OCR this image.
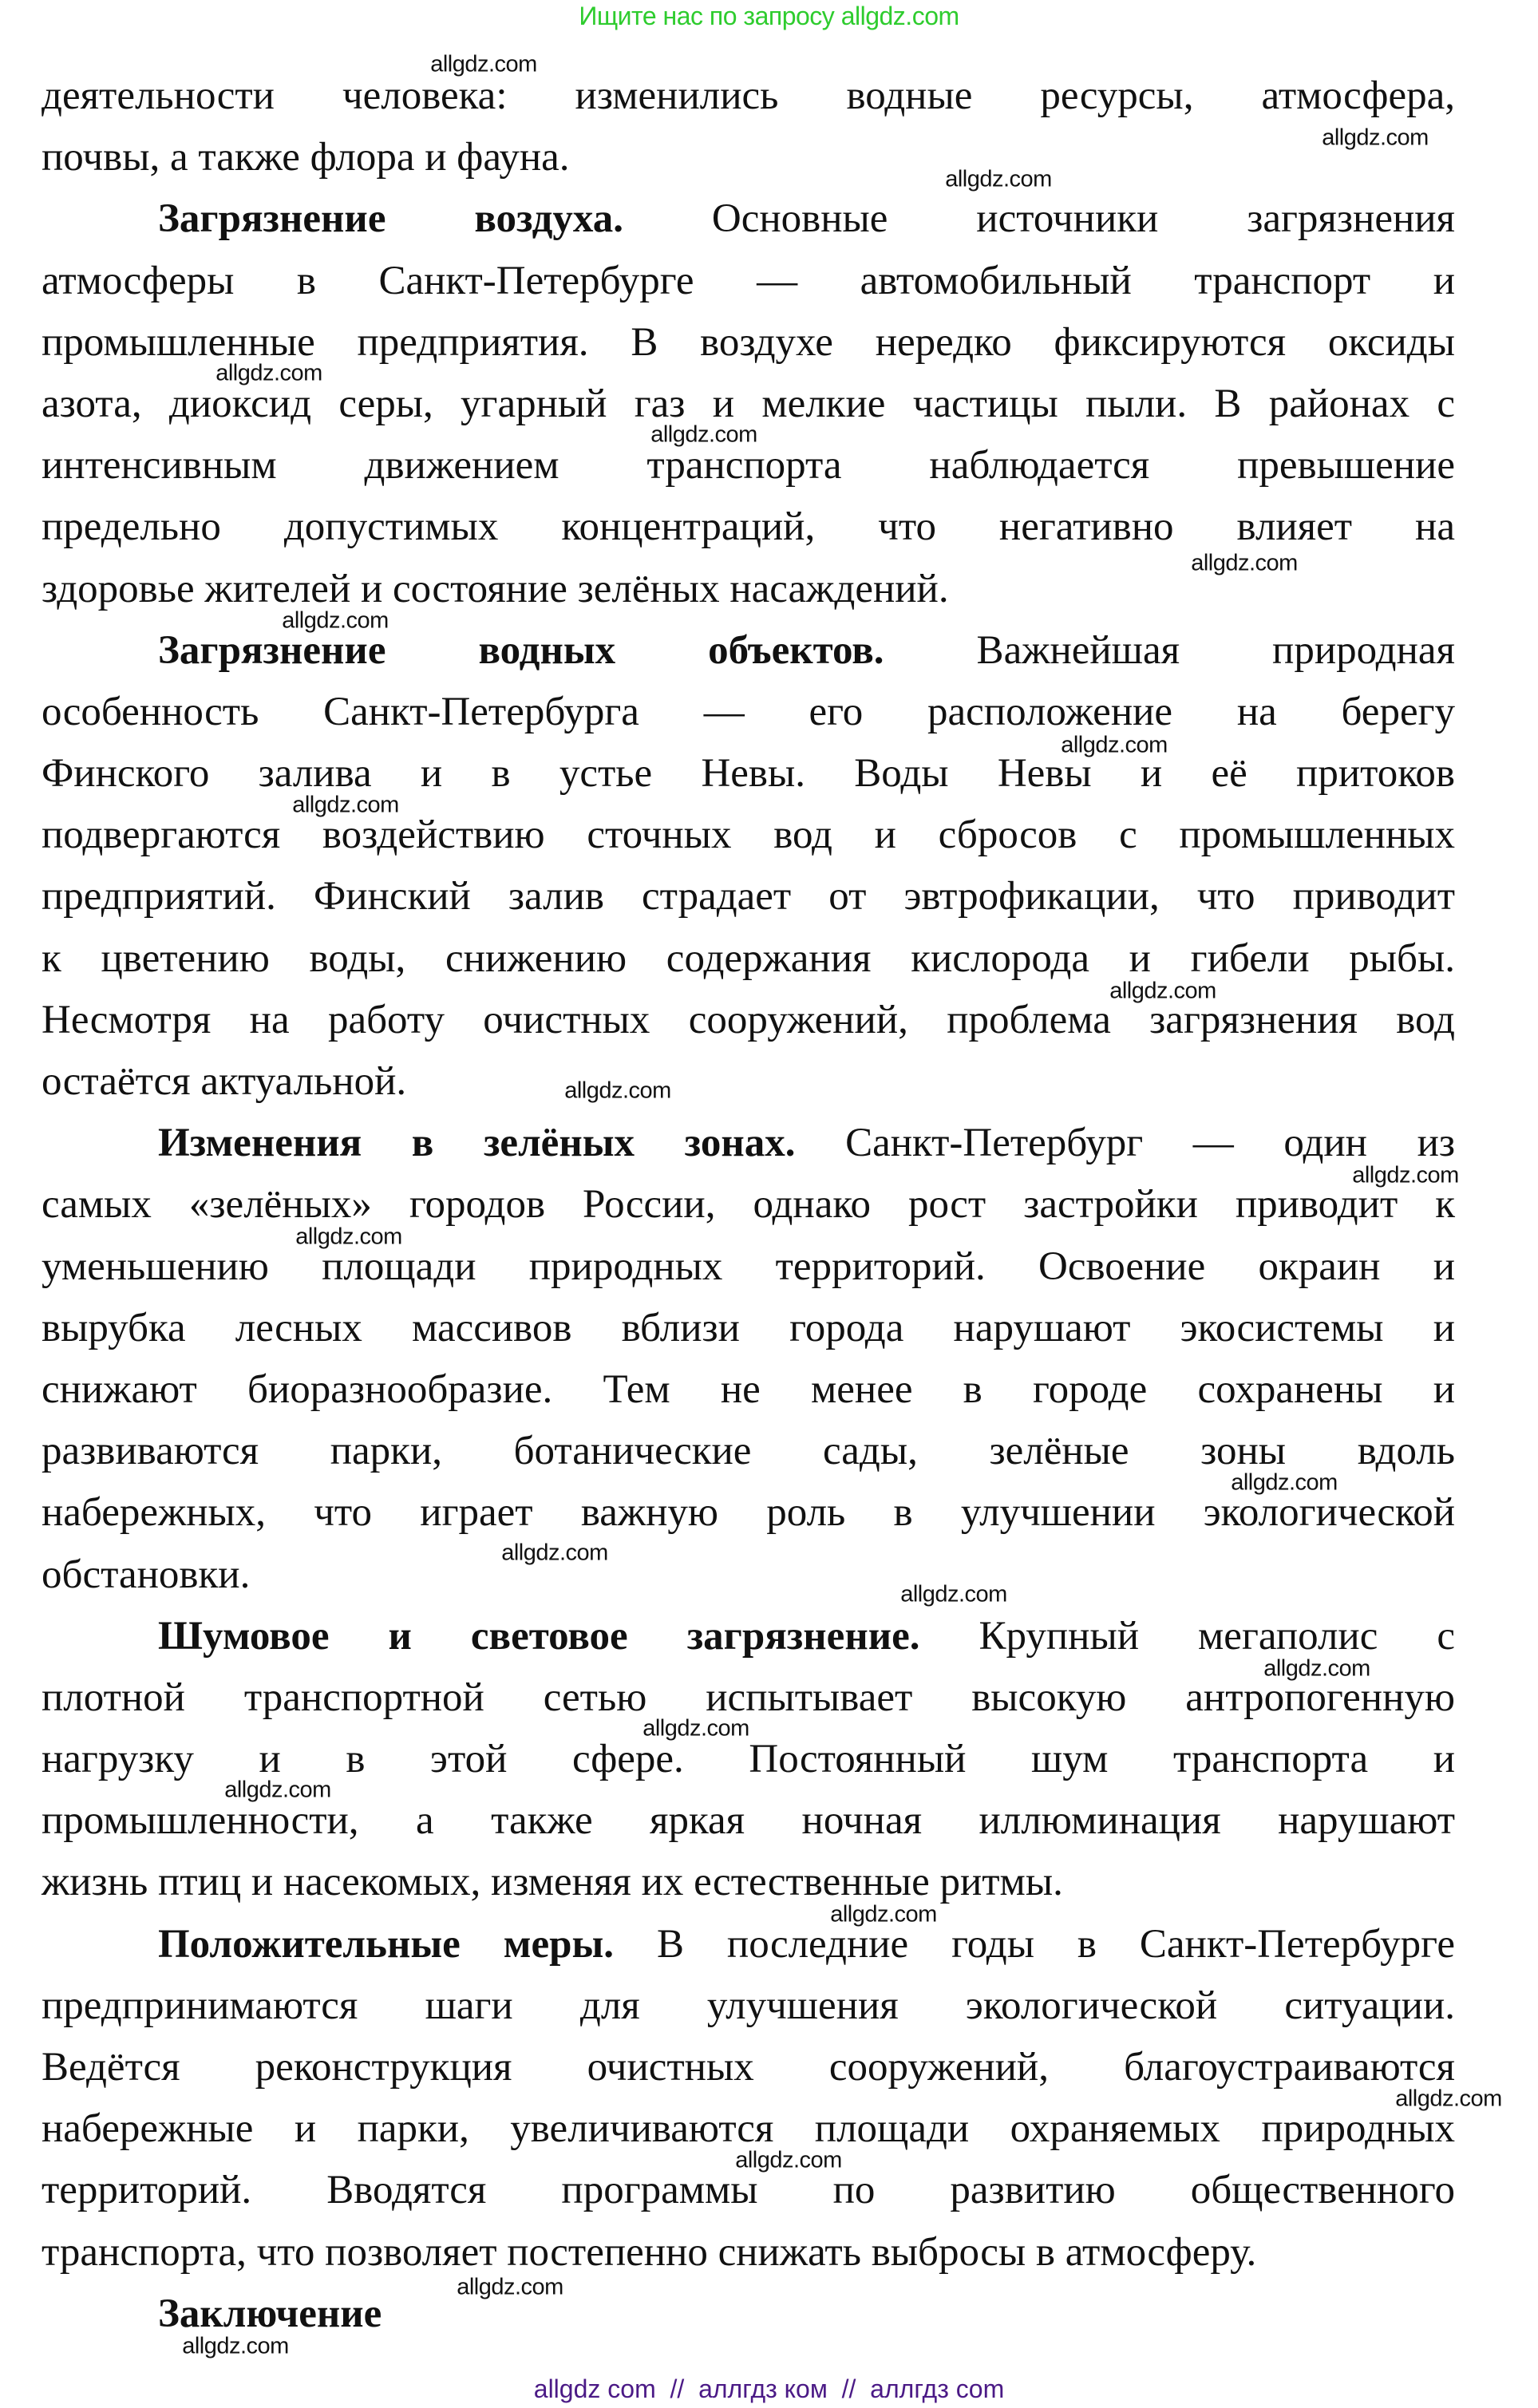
Ищите нас по запросу allgdz.com
деятельности человека: изменились водные ресурсы, атмосфера,
почвы, а также флора и фауна.
Загрязнение воздуха. Основные источники загрязнения
атмосферы в Санкт-Петербурге — автомобильный транспорт и
промышленные предприятия. В воздухе нередко фиксируются оксиды
азота, диоксид серы, угарный газ и мелкие частицы пыли. В районах с
интенсивным движением транспорта наблюдается превышение
предельно допустимых концентраций, что негативно влияет на
здоровье жителей и состояние зелёных насаждений.
Загрязнение водных объектов. Важнейшая природная
особенность Санкт-Петербурга — его расположение на берегу
Финского залива и в устье Невы. Воды Невы и её притоков
подвергаются воздействию сточных вод и сбросов с промышленных
предприятий. Финский залив страдает от эвтрофикации, что приводит
к цветению воды, снижению содержания кислорода и гибели рыбы.
Несмотря на работу очистных сооружений, проблема загрязнения вод
остаётся актуальной.
Изменения в зелёных зонах. Санкт-Петербург — один из
самых «зелёных» городов России, однако рост застройки приводит к
уменьшению площади природных территорий. Освоение окраин и
вырубка лесных массивов вблизи города нарушают экосистемы и
снижают биоразнообразие. Тем не менее в городе сохранены и
развиваются парки, ботанические сады, зелёные зоны вдоль
набережных, что играет важную роль в улучшении экологической
обстановки.
Шумовое и световое загрязнение. Крупный мегаполис с
плотной транспортной сетью испытывает высокую антропогенную
нагрузку и в этой сфере. Постоянный шум транспорта и
промышленности, а также яркая ночная иллюминация нарушают
жизнь птиц и насекомых, изменяя их естественные ритмы.
Положительные меры. В последние годы в Санкт-Петербурге
предпринимаются шаги для улучшения экологической ситуации.
Ведётся реконструкция очистных сооружений, благоустраиваются
набережные и парки, увеличиваются площади охраняемых природных
территорий. Вводятся программы по развитию общественного
транспорта, что позволяет постепенно снижать выбросы в атмосферу.
Заключение
allgdz.com
allgdz.com
allgdz.com
allgdz.com
allgdz.com
allgdz.com
allgdz.com
allgdz.com
allgdz.com
allgdz.com
allgdz.com
allgdz.com
allgdz.com
allgdz.com
allgdz.com
allgdz.com
allgdz.com
allgdz.com
allgdz.com
allgdz.com
allgdz.com
allgdz.com
allgdz.com
allgdz.com
allgdz com  //  аллгдз ком  //  аллгдз com
